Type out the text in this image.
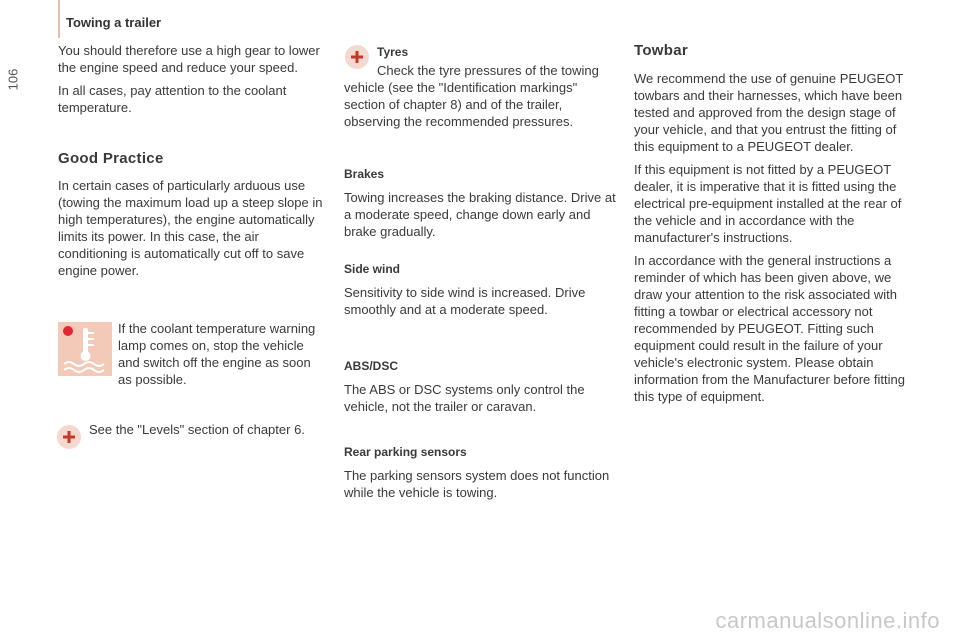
Towing a trailer
106

You should therefore use a high gear to lower the engine speed and reduce your speed.

In all cases, pay attention to the coolant temperature.

Good Practice

In certain cases of particularly arduous use (towing the maximum load up a steep slope in high temperatures), the engine automatically limits its power. In this case, the air conditioning is automatically cut off to save engine power.

If the coolant temperature warning lamp comes on, stop the vehicle and switch off the engine as soon as possible.
See the "Levels" section of chapter 6.
Tyres
Check the tyre pressures of the towing vehicle (see the "Identification markings" section of chapter 8) and of the trailer, observing the recommended pressures.
Brakes
Towing increases the braking distance. Drive at a moderate speed, change down early and brake gradually.
Side wind
Sensitivity to side wind is increased. Drive smoothly and at a moderate speed.
ABS/DSC
The ABS or DSC systems only control the vehicle, not the trailer or caravan.
Rear parking sensors
The parking sensors system does not function while the vehicle is towing.
Towbar

We recommend the use of genuine PEUGEOT towbars and their harnesses, which have been tested and approved from the design stage of your vehicle, and that you entrust the fitting of this equipment to a PEUGEOT dealer.

If this equipment is not fitted by a PEUGEOT dealer, it is imperative that it is fitted using the electrical pre-equipment installed at the rear of the vehicle and in accordance with the manufacturer's instructions.

In accordance with the general instructions a reminder of which has been given above, we draw your attention to the risk associated with fitting a towbar or electrical accessory not recommended by PEUGEOT. Fitting such equipment could result in the failure of your vehicle's electronic system. Please obtain information from the Manufacturer before fitting this type of equipment.

carmanualsonline.info
